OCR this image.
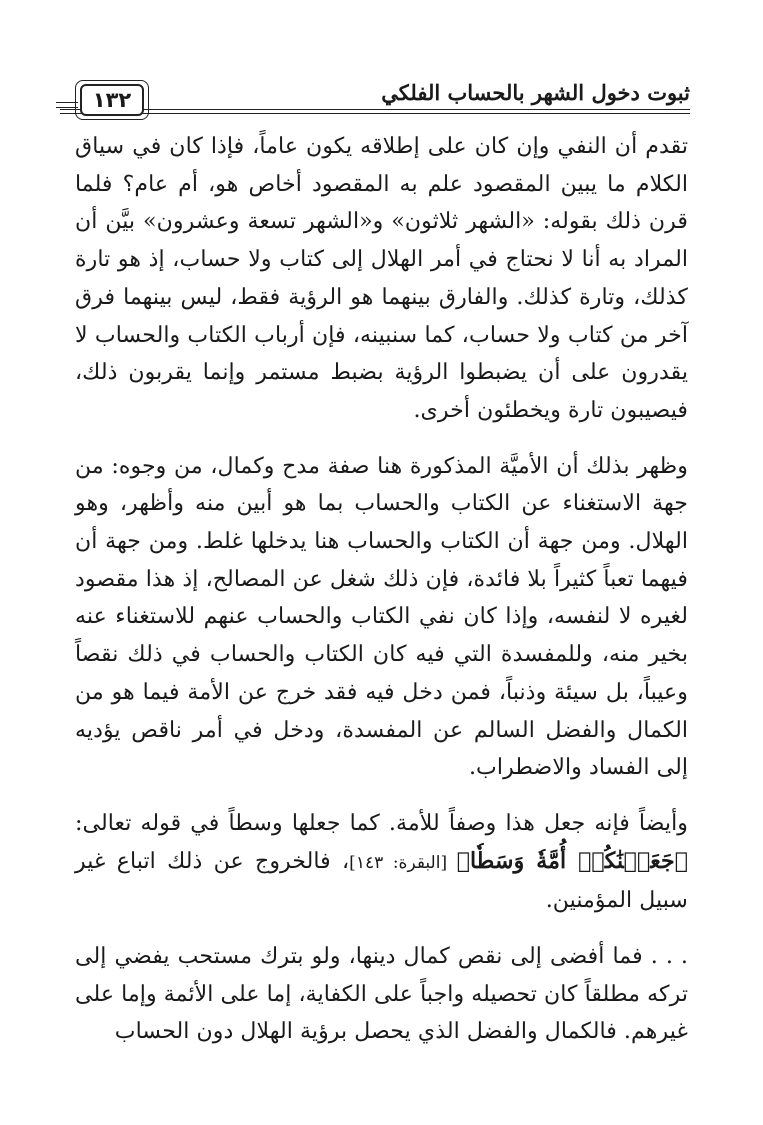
ثبوت دخول الشهر بالحساب الفلكي
١٣٢

تقدم أن النفي وإن كان على إطلاقه يكون عاماً، فإذا كان في سياق الكلام ما يبين المقصود علم به المقصود أخاص هو، أم عام؟ فلما قرن ذلك بقوله: «الشهر ثلاثون» و«الشهر تسعة وعشرون» بيَّن أن المراد به أنا لا نحتاج في أمر الهلال إلى كتاب ولا حساب، إذ هو تارة كذلك، وتارة كذلك. والفارق بينهما هو الرؤية فقط، ليس بينهما فرق آخر من كتاب ولا حساب، كما سنبينه، فإن أرباب الكتاب والحساب لا يقدرون على أن يضبطوا الرؤية بضبط مستمر وإنما يقربون ذلك، فيصيبون تارة ويخطئون أخرى.

وظهر بذلك أن الأميَّة المذكورة هنا صفة مدح وكمال، من وجوه: من جهة الاستغناء عن الكتاب والحساب بما هو أبين منه وأظهر، وهو الهلال. ومن جهة أن الكتاب والحساب هنا يدخلها غلط. ومن جهة أن فيهما تعباً كثيراً بلا فائدة، فإن ذلك شغل عن المصالح، إذ هذا مقصود لغيره لا لنفسه، وإذا كان نفي الكتاب والحساب عنهم للاستغناء عنه بخير منه، وللمفسدة التي فيه كان الكتاب والحساب في ذلك نقصاً وعيباً، بل سيئة وذنباً، فمن دخل فيه فقد خرج عن الأمة فيما هو من الكمال والفضل السالم عن المفسدة، ودخل في أمر ناقص يؤديه إلى الفساد والاضطراب.

وأيضاً فإنه جعل هذا وصفاً للأمة. كما جعلها وسطاً في قوله تعالى: ﴿جَعَلۡنَٰكُمۡ أُمَّةٗ وَسَطٗا﴾ [البقرة: ١٤٣]، فالخروج عن ذلك اتباع غير سبيل المؤمنين.

. . . فما أفضى إلى نقص كمال دينها، ولو بترك مستحب يفضي إلى تركه مطلقاً كان تحصيله واجباً على الكفاية، إما على الأئمة وإما على غيرهم. فالكمال والفضل الذي يحصل برؤية الهلال دون الحساب
